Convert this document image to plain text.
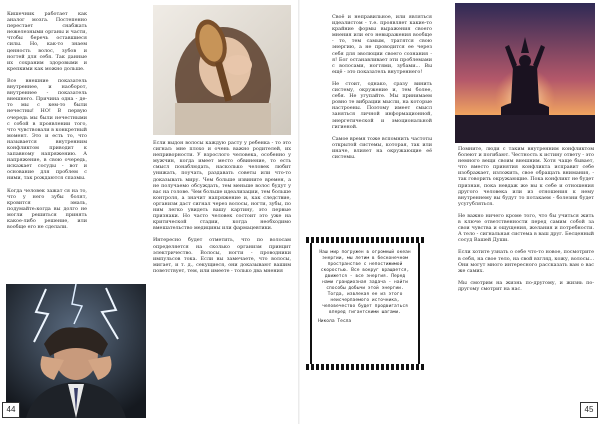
Кишечник работает как аналог мозга. Постепенно перестает снабжать нежелезными органы и части, чтобы беречь оставшиеся силы. Но, как-то знаем ценность волос, зубов и ногтей для себя. Так данные их сохраним здоровыми и крепкими как можно дольше.

Все внешние показатель внутреннее, и наоборот, внутреннее - показатель внешнего. Причина одна - де-то мы с кем-то были нечестны! НО! В первую очередь мы были нечестными с собой в проявлении того, что чувствовали в конкретный момент. Это и есть то, что называется внутренним конфликтом приводит к запавному напряжению. А напряжение, в свою очередь, искажает сосуды - вот и основание для проблем с ними, так рождаются спазмы.

Когда человек зажат ся на то, что у него зубы болят, кровится эмаль, подумайте:когда вы долго не могли решиться принять какое-либо решение, или вообще его не сделали.

Если выдон волосы каждую расту у ребенка - то это сигнал: мне плохо и очень важно родителей, их неприворности. У взрослого человека, особенно у мужчин, когда имеет место обвинение, то есть смысл понаблюдать, насколько человек любит унижать, поучать, раздавать советы или что-то доказывать миру. Чем больше извините времен, а не получаемо обсуждать, тем меньше волос будут у вас на голове. Чем больше идеализации, тем больше контроля, а значит напряжение и, как следствие, организм даст сигнал через волосы, ногти, зубы, по ним легко увидеть вашу картину, это первые признаки. Но часто человек состоит это уже на критической стадии, когда необходимо вмешательство медицины или фармацевтики.

Интересно будет отметить, что по волосам определяется на сколько организм принцит электричество. Волосы, ногти - проводники импульсов тока. Если вы замечаете, что волосы, мигает, и т. д., секущиеся, они доказывают вашим поветствует, тем, или имеете - только два мнения

44

Своё и неправильное, или являться идеалистом - т.е. проявляет какие-то крайние формы выражения своего мнения или его невыражения вообще - то, тем самым, тратятся свою энергию, а не проводится ее через себя для эволюции своего сознания - я! Бог останавливает эти проблемами с волосами, ногтями, зубами... Вы ещё - это показатель внутреннего!

Не стоит, однако, сразу винить систему, окружение и, тем более, себя. Не угупайте. Мы принимаем ровно те вибрации мысли, на которые настроены. Поэтому имеет смысл заняться личной информационной, энергетической и эмоциональной гигиеной.

Самое время тоже вспомнить частоты открытой системы, которая, так или иначе, влияет на окружающие её системы.

Помните, люди с таким внутренним конфликтом болеют и погибают. Честность к истину ответу - это немного вещи своим внешним. Хотя чаще бывает, что вместо принятия конфликта исправит себе изображает, изложить, свое обращать внимания, - так говорить окружающие. Пока конфликт не будет признан, пока невдаж же вы к себе и отношения другого человека или из отношения к нему внутреннему вы будут то потакаем - болезни будет усугубляться.

Не важно ничего кроме того, что бы учиться жить в ключе ответственности перед самим собой за свои чувства и ощущения, желания и потребности. А тело - сигнальная система в ваш друг. Бесценный сосуд Вашей Души.

Если хотите узнать о себе что-то новое, посмотрите в себя, на свое тело, на свой взгляд, кожу, волосы... Они могут много интересного рассказать вам о вас же самих.

Мы смотрим на жизнь по-другому, и жизнь по-другому смотрит на нас.

45
Наш мир погружен в огромный океан энергии, мы летим в бесконечном пространстве с непостижимой скоростью. Все вокруг вращается, движется - все энергия. Перед нами грандиозная задача - найти способы добычи этой энергии. Тогда, извлекая ее из этого неисчерпаемого источника, человечество будет продвигаться вперед гигантскими шагами.
Никола Тесла
